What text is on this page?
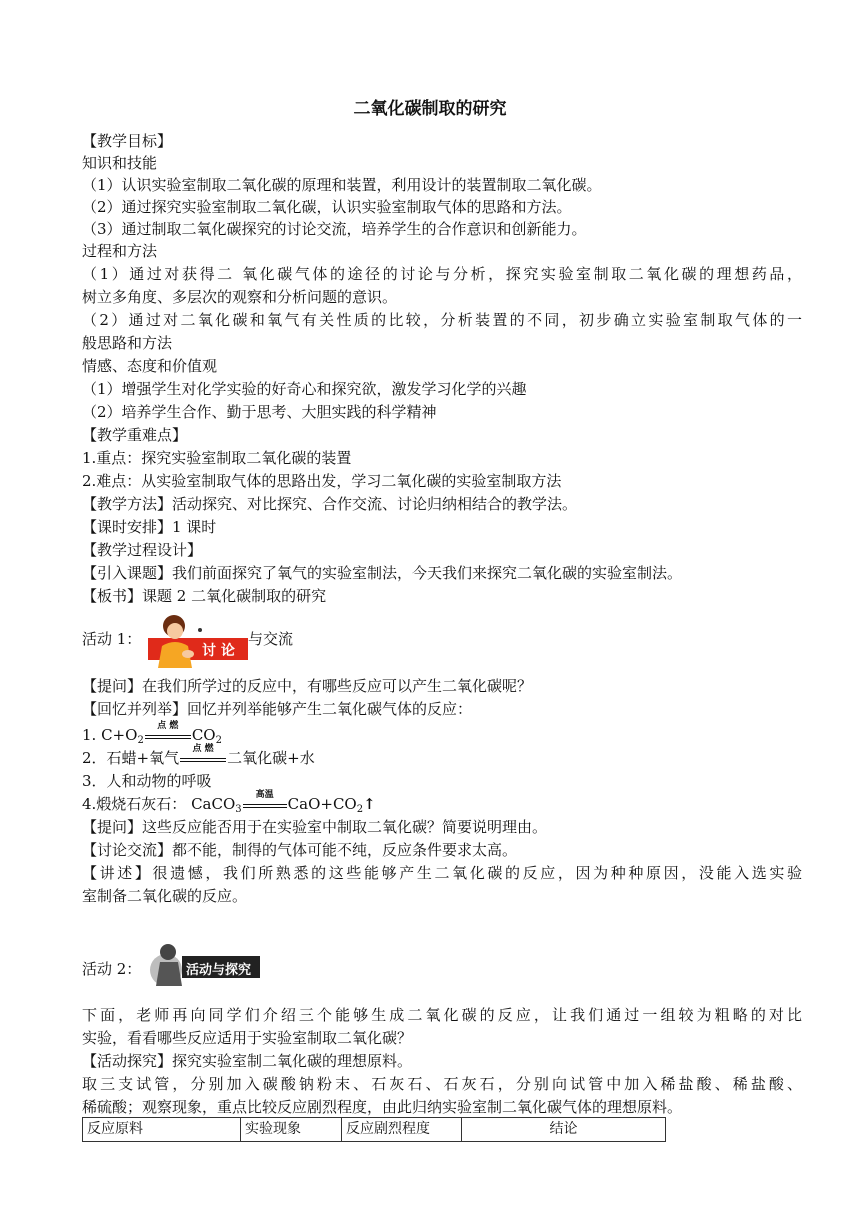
二氧化碳制取的研究
【教学目标】
知识和技能
（1）认识实验室制取二氧化碳的原理和装置，利用设计的装置制取二氧化碳。
（2）通过探究实验室制取二氧化碳，认识实验室制取气体的思路和方法。
（3）通过制取二氧化碳探究的讨论交流，培养学生的合作意识和创新能力。
过程和方法
（1）通过对获得二 氧化碳气体的途径的讨论与分析，探究实验室制取二氧化碳的理想药品，
树立多角度、多层次的观察和分析问题的意识。
（2）通过对二氧化碳和氧气有关性质的比较，分析装置的不同，初步确立实验室制取气体的一
般思路和方法
情感、态度和价值观
（1）增强学生对化学实验的好奇心和探究欲，激发学习化学的兴趣
（2）培养学生合作、勤于思考、大胆实践的科学精神
【教学重难点】
1.重点：探究实验室制取二氧化碳的装置
2.难点：从实验室制取气体的思路出发，学习二氧化碳的实验室制取方法
【教学方法】活动探究、对比探究、合作交流、讨论归纳相结合的教学法。
【课时安排】1 课时
【教学过程设计】
【引入课题】我们前面探究了氧气的实验室制法，今天我们来探究二氧化碳的实验室制法。
【板书】课题 2 二氧化碳制取的研究
活动 1：
讨 论
与交流
【提问】在我们所学过的反应中，有哪些反应可以产生二氧化碳呢？
【回忆并列举】回忆并列举能够产生二氧化碳气体的反应：
1. $C+O_2$
点 燃 $CO_2$
2．石蜡+氧气	点 燃 二氧化碳+水
3．人和动物的呼吸
4.煅烧石灰石： CaCO$_3$
高温 $CaO+CO_2↑$
【提问】这些反应能否用于在实验室中制取二氧化碳？简要说明理由。
【讨论交流】都不能，制得的气体可能不纯，反应条件要求太高。
【讲述】很遗憾，我们所熟悉的这些能够产生二氧化碳的反应，因为种种原因，没能入选实验
室制备二氧化碳的反应。
活动 2：	活动与探究
下面，老师再向同学们介绍三个能够生成二氧化碳的反应，让我们通过一组较为粗略的对比
实验，看看哪些反应适用于实验室制取二氧化碳？
【活动探究】探究实验室制二氧化碳的理想原料。
取三支试管，分别加入碳酸钠粉末、石灰石、石灰石，分别向试管中加入稀盐酸、稀盐酸、
稀硫酸；观察现象，重点比较反应剧烈程度，由此归纳实验室制二氧化碳气体的理想原料。
反应原料	实验现象	反应剧烈程度	结论
